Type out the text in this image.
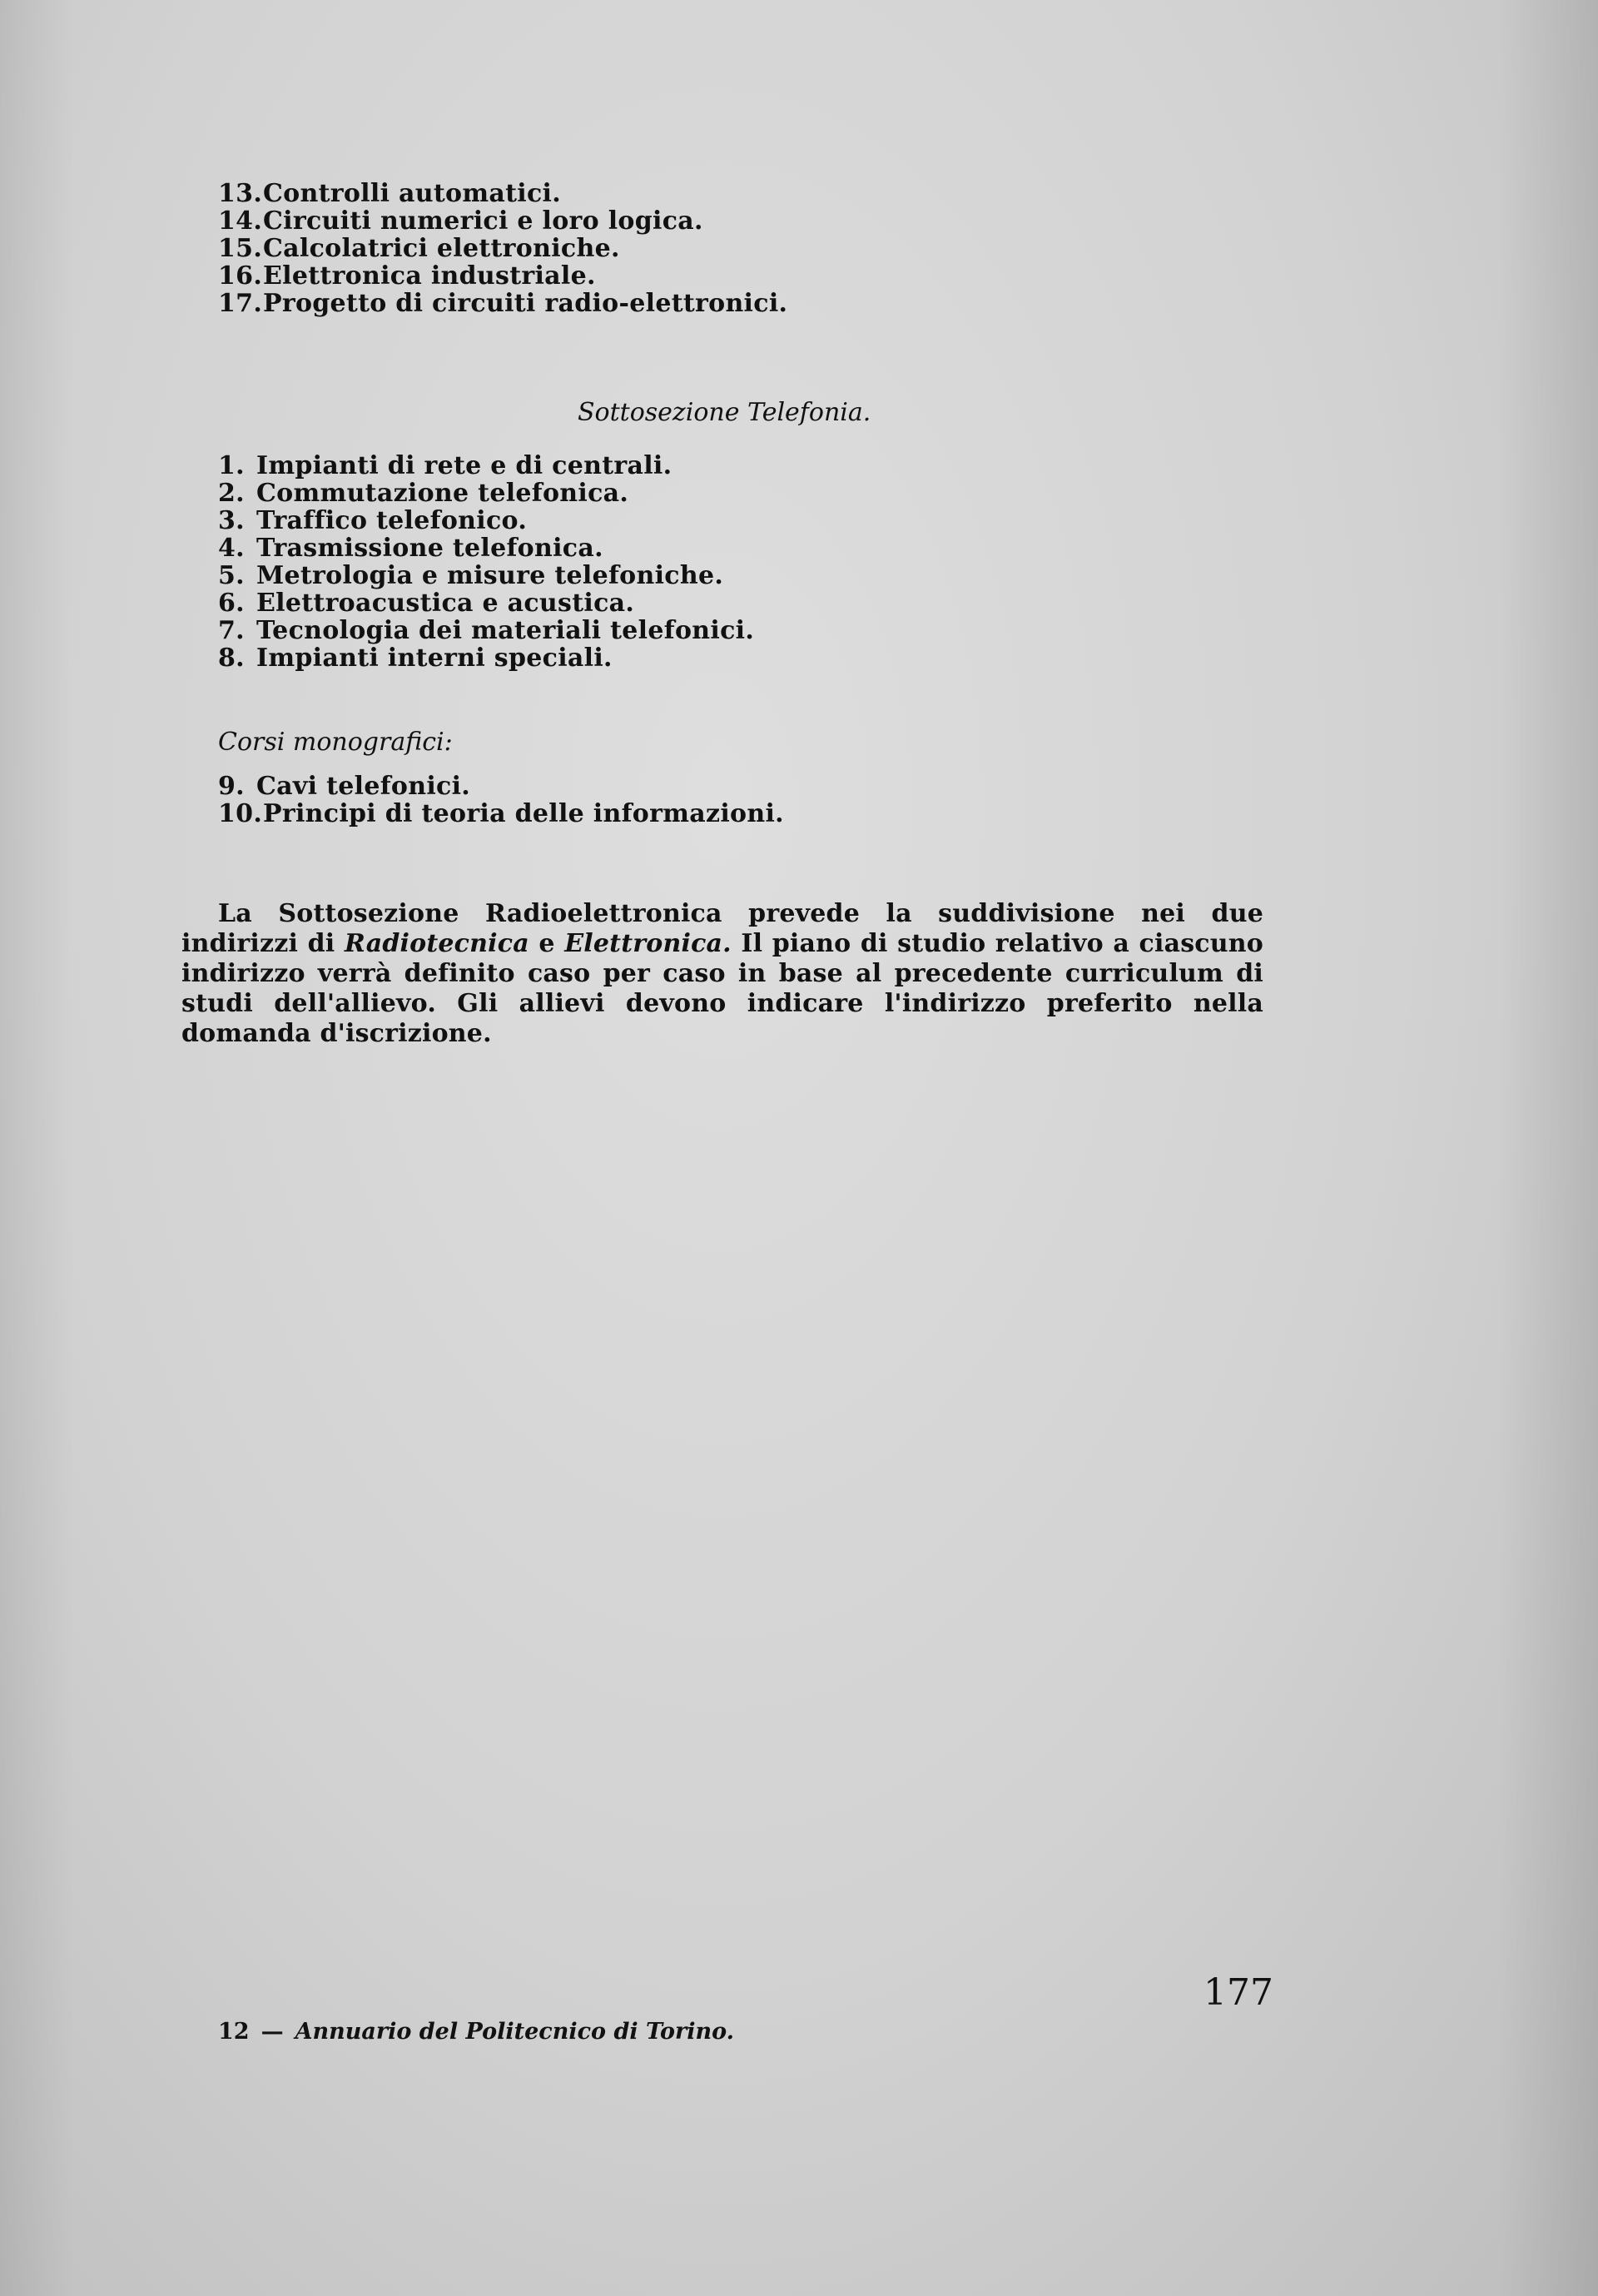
13.Controlli automatici.
14.Circuiti numerici e loro logica.
15.Calcolatrici elettroniche.
16.Elettronica industriale.
17.Progetto di circuiti radio-elettronici.
Sottosezione Telefonia.
1. Impianti di rete e di centrali.
2. Commutazione telefonica.
3. Traffico telefonico.
4. Trasmissione telefonica.
5. Metrologia e misure telefoniche.
6. Elettroacustica e acustica.
7. Tecnologia dei materiali telefonici.
8. Impianti interni speciali.
Corsi monografici:
9. Cavi telefonici.
10.Principi di teoria delle informazioni.

La Sottosezione Radioelettronica prevede la suddivisione nei due indirizzi di Radiotecnica e Elettronica. Il piano di studio relativo a ciascuno indirizzo verrà definito caso per caso in base al precedente curriculum di studi dell'allievo. Gli allievi devono indicare l'indirizzo preferito nella domanda d'iscrizione.

12 — Annuario del Politecnico di Torino.
177
